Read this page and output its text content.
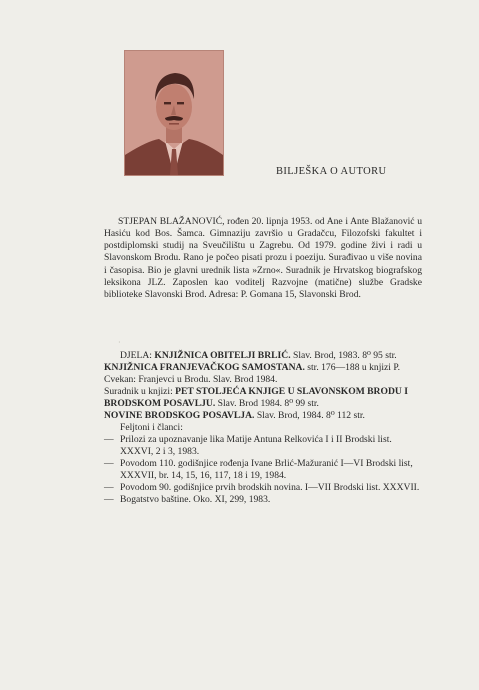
BILJEŠKA O AUTORU

STJEPAN BLAŽANOVIĆ, rođen 20. lipnja 1953. od Ane i Ante Blažanović u Hasiću kod Bos. Šamca. Gimnaziju završio u Gradačcu, Filozofski fakultet i postdiplomski studij na Sveučilištu u Zagrebu. Od 1979. godine živi i radi u Slavonskom Brodu. Rano je počeo pisati prozu i poeziju. Surađivao u više novina i časopisa. Bio je glavni urednik lista »Zrno«. Suradnik je Hrvatskog biografskog leksikona JLZ. Zaposlen kao voditelj Razvojne (matične) službe Gradske biblioteke Slavonski Brod. Adresa: P. Gomana 15, Slavonski Brod.

·

DJELA: KNJIŽNICA OBITELJI BRLIĆ. Slav. Brod, 1983. 8⁰ 95 str.

KNJIŽNICA FRANJEVAČKOG SAMOSTANA. str. 176—188 u knjizi P. Cvekan: Franjevci u Brodu. Slav. Brod 1984.

Suradnik u knjizi: PET STOLJEĆA KNJIGE U SLAVONSKOM BRODU I BRODSKOM POSAVLJU. Slav. Brod 1984. 8⁰ 99 str.

NOVINE BRODSKOG POSAVLJA. Slav. Brod, 1984. 8⁰ 112 str.

Feljtoni i članci:

— Prilozi za upoznavanje lika Matije Antuna Relkovića I i II Brodski list. XXXVI, 2 i 3, 1983.
— Povodom 110. godišnjice rođenja Ivane Brlić-Mažuranić I—VI Brodski list, XXXVII, br. 14, 15, 16, 117, 18 i 19, 1984.
— Povodom 90. godišnjice prvih brodskih novina. I—VII Brodski list. XXXVII.
— Bogatstvo baštine. Oko. XI, 299, 1983.
